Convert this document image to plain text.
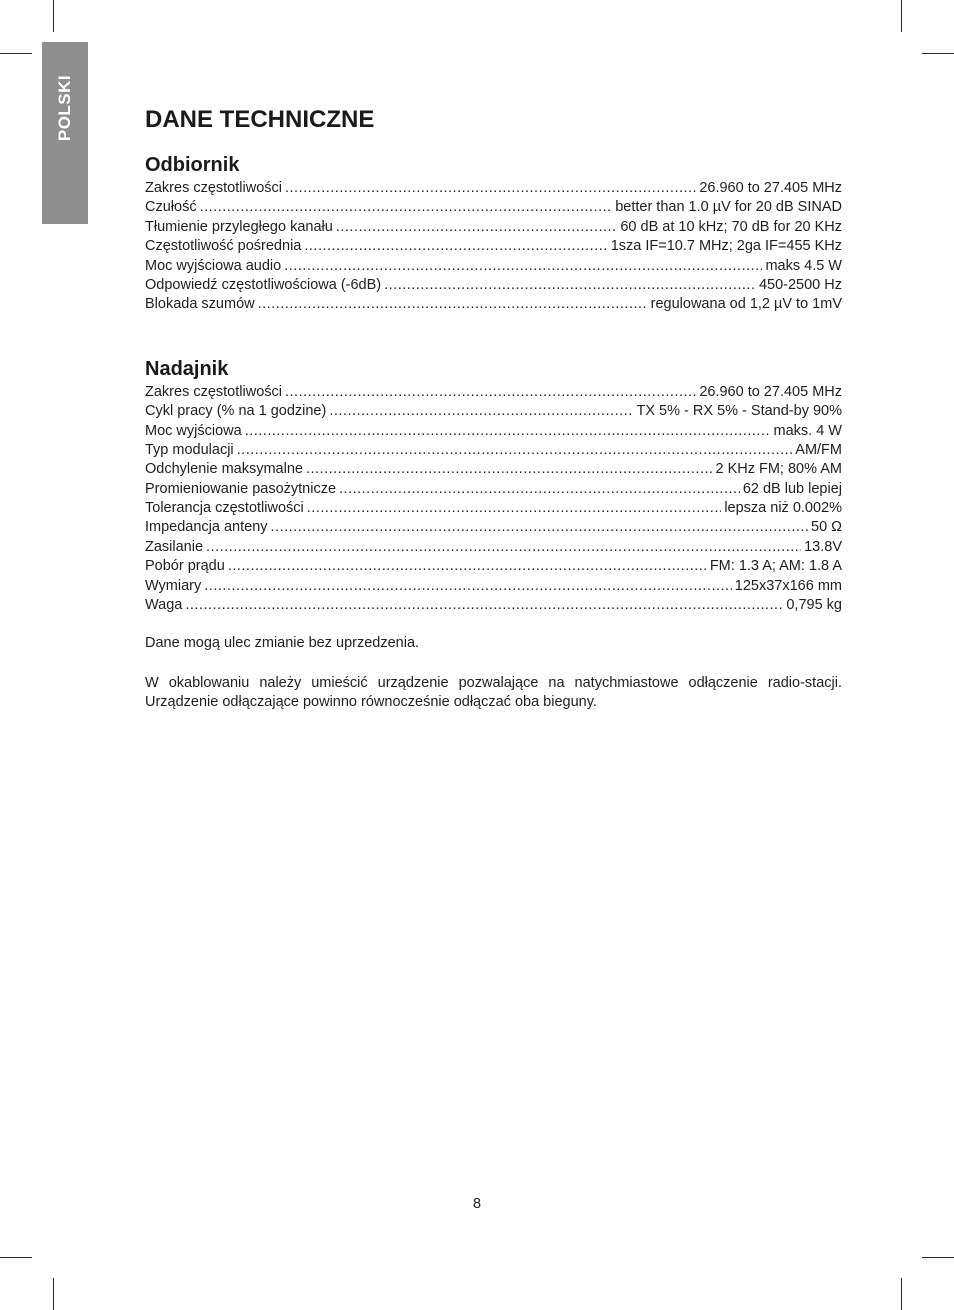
POLSKI	DANE TECHNICZNE
Odbiornik
Zakres częstotliwości .....	26.960 to 27.405 MHz
Czułość .....	better than 1.0 µV for 20 dB SINAD
Tłumienie przyległego kanału .....	60 dB at 10 kHz; 70 dB for 20 KHz
Częstotliwość pośrednia .....	1sza IF=10.7 MHz; 2ga IF=455 KHz
Moc wyjściowa audio .....	maks 4.5 W
Odpowiedź częstotliwościowa (-6dB) .....	450-2500 Hz
Blokada szumów .....	regulowana od 1,2 µV to 1mV
Nadajnik
Zakres częstotliwości .....	26.960 to 27.405 MHz
Cykl pracy (% na 1 godzine) .....	TX 5% - RX 5% - Stand-by 90%
Moc wyjściowa .....	maks. 4 W
Typ modulacji .....	AM/FM
Odchylenie maksymalne .....	2 KHz FM; 80% AM
Promieniowanie pasożytnicze .....	62 dB lub lepiej
Tolerancja częstotliwości .....	lepsza niż 0.002%
Impedancja anteny .....	50 Ω
Zasilanie .....	13.8V
Pobór prądu .....	FM: 1.3 A; AM: 1.8 A
Wymiary .....	125x37x166 mm
Waga .....	0,795 kg

Dane mogą ulec zmianie bez uprzedzenia.

W okablowaniu należy umieścić urządzenie pozwalające na natychmiastowe odłączenie radio-stacji. Urządzenie odłączające powinno równocześnie odłączać oba bieguny.

8
